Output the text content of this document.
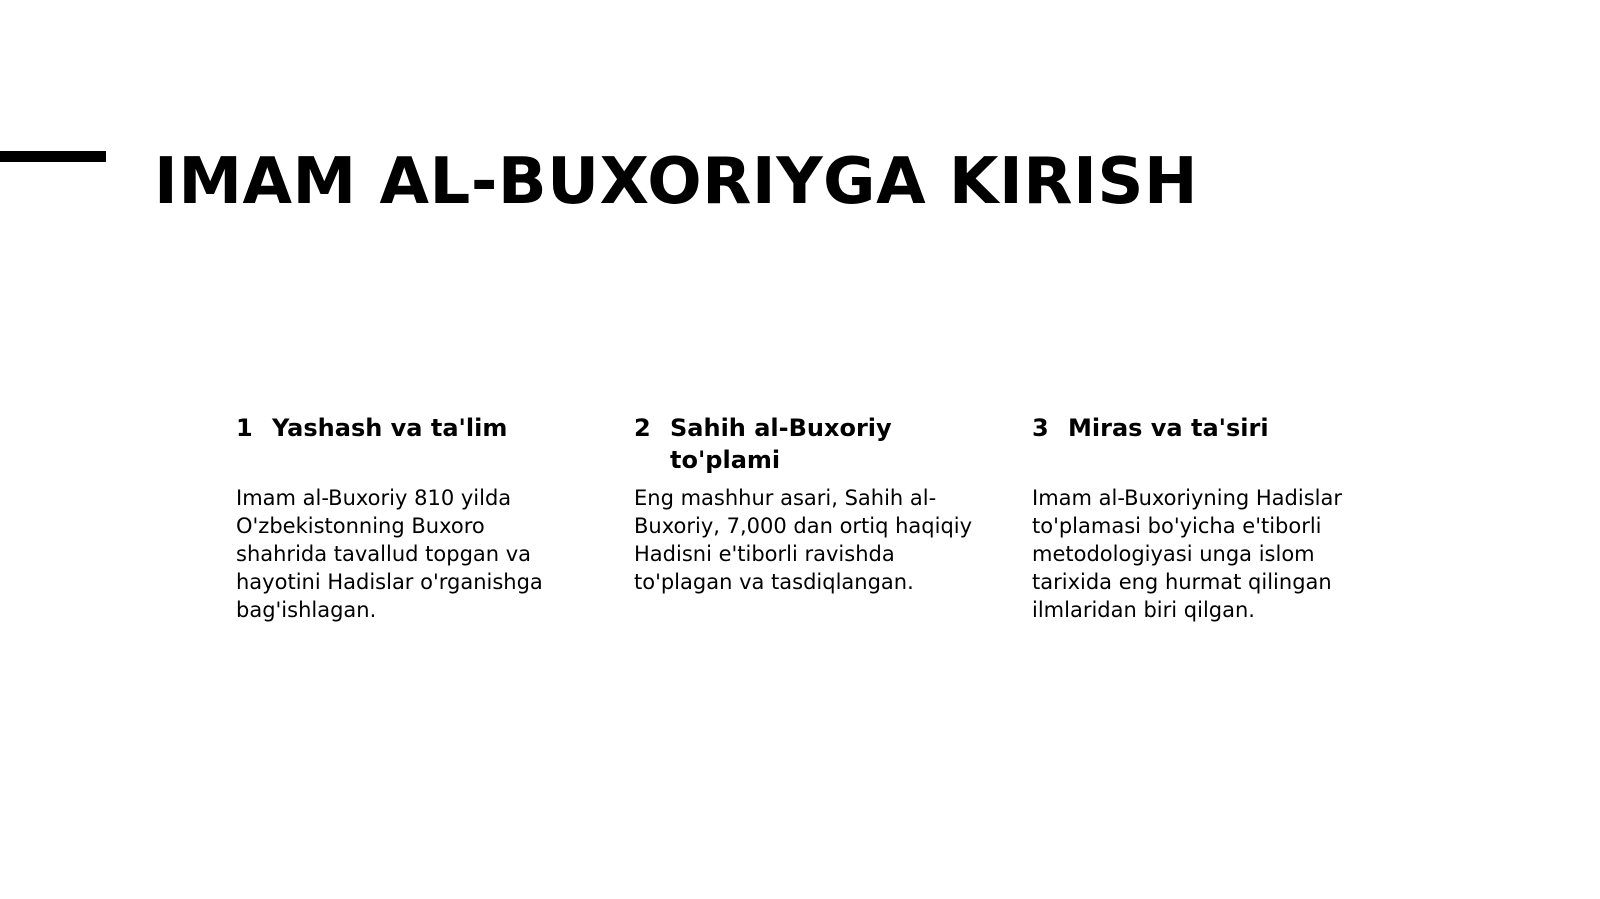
IMAM AL-BUXORIYGA KIRISH
1 Yashash va ta'lim

Imam al-Buxoriy 810 yilda O'zbekistonning Buxoro shahrida tavallud topgan va hayotini Hadislar o'rganishga bag'ishlagan.

2 Sahih al-Buxoriy to'plami

Eng mashhur asari, Sahih al-Buxoriy, 7,000 dan ortiq haqiqiy Hadisni e'tiborli ravishda to'plagan va tasdiqlangan.

3 Miras va ta'siri

Imam al-Buxoriyning Hadislar to'plamasi bo'yicha e'tiborli metodologiyasi unga islom tarixida eng hurmat qilingan ilmlaridan biri qilgan.
